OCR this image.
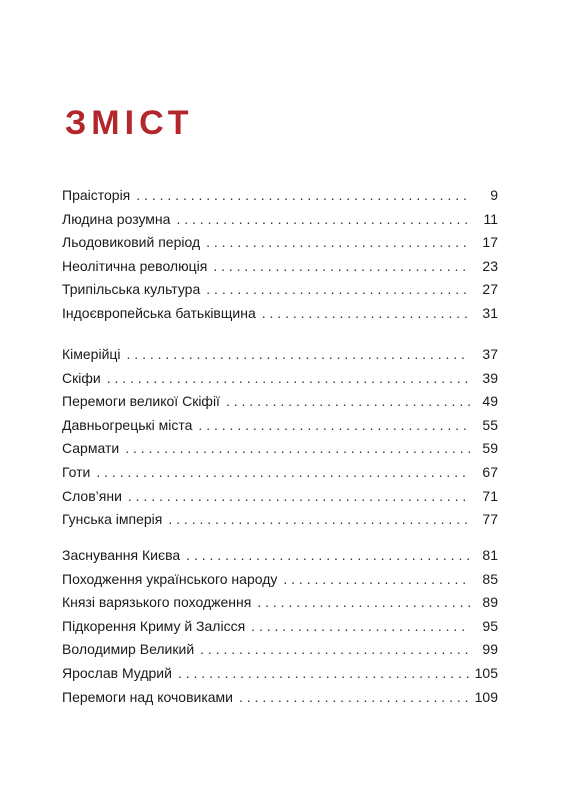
ЗМІСТ
Праісторія . . .	9
Людина розумна . . .	11
Льодовиковий період . . .	17
Неолітична революція . . .	23
Трипільська культура . . .	27
Індоєвропейська батьківщина . . .	31
Кімерійці . . .	37
Скіфи . . .	39
Перемоги великої Скіфії . . .	49
Давньогрецькі міста . . .	55
Сармати . . .	59
Готи . . .	67
Слов’яни . . .	71
Гунська імперія . . .	77
Заснування Києва . . .	81
Походження українського народу . . .	85
Князі варязького походження . . .	89
Підкорення Криму й Залісся . . .	95
Володимир Великий . . .	99
Ярослав Мудрий . . .	105
Перемоги над кочовиками . . .	109
